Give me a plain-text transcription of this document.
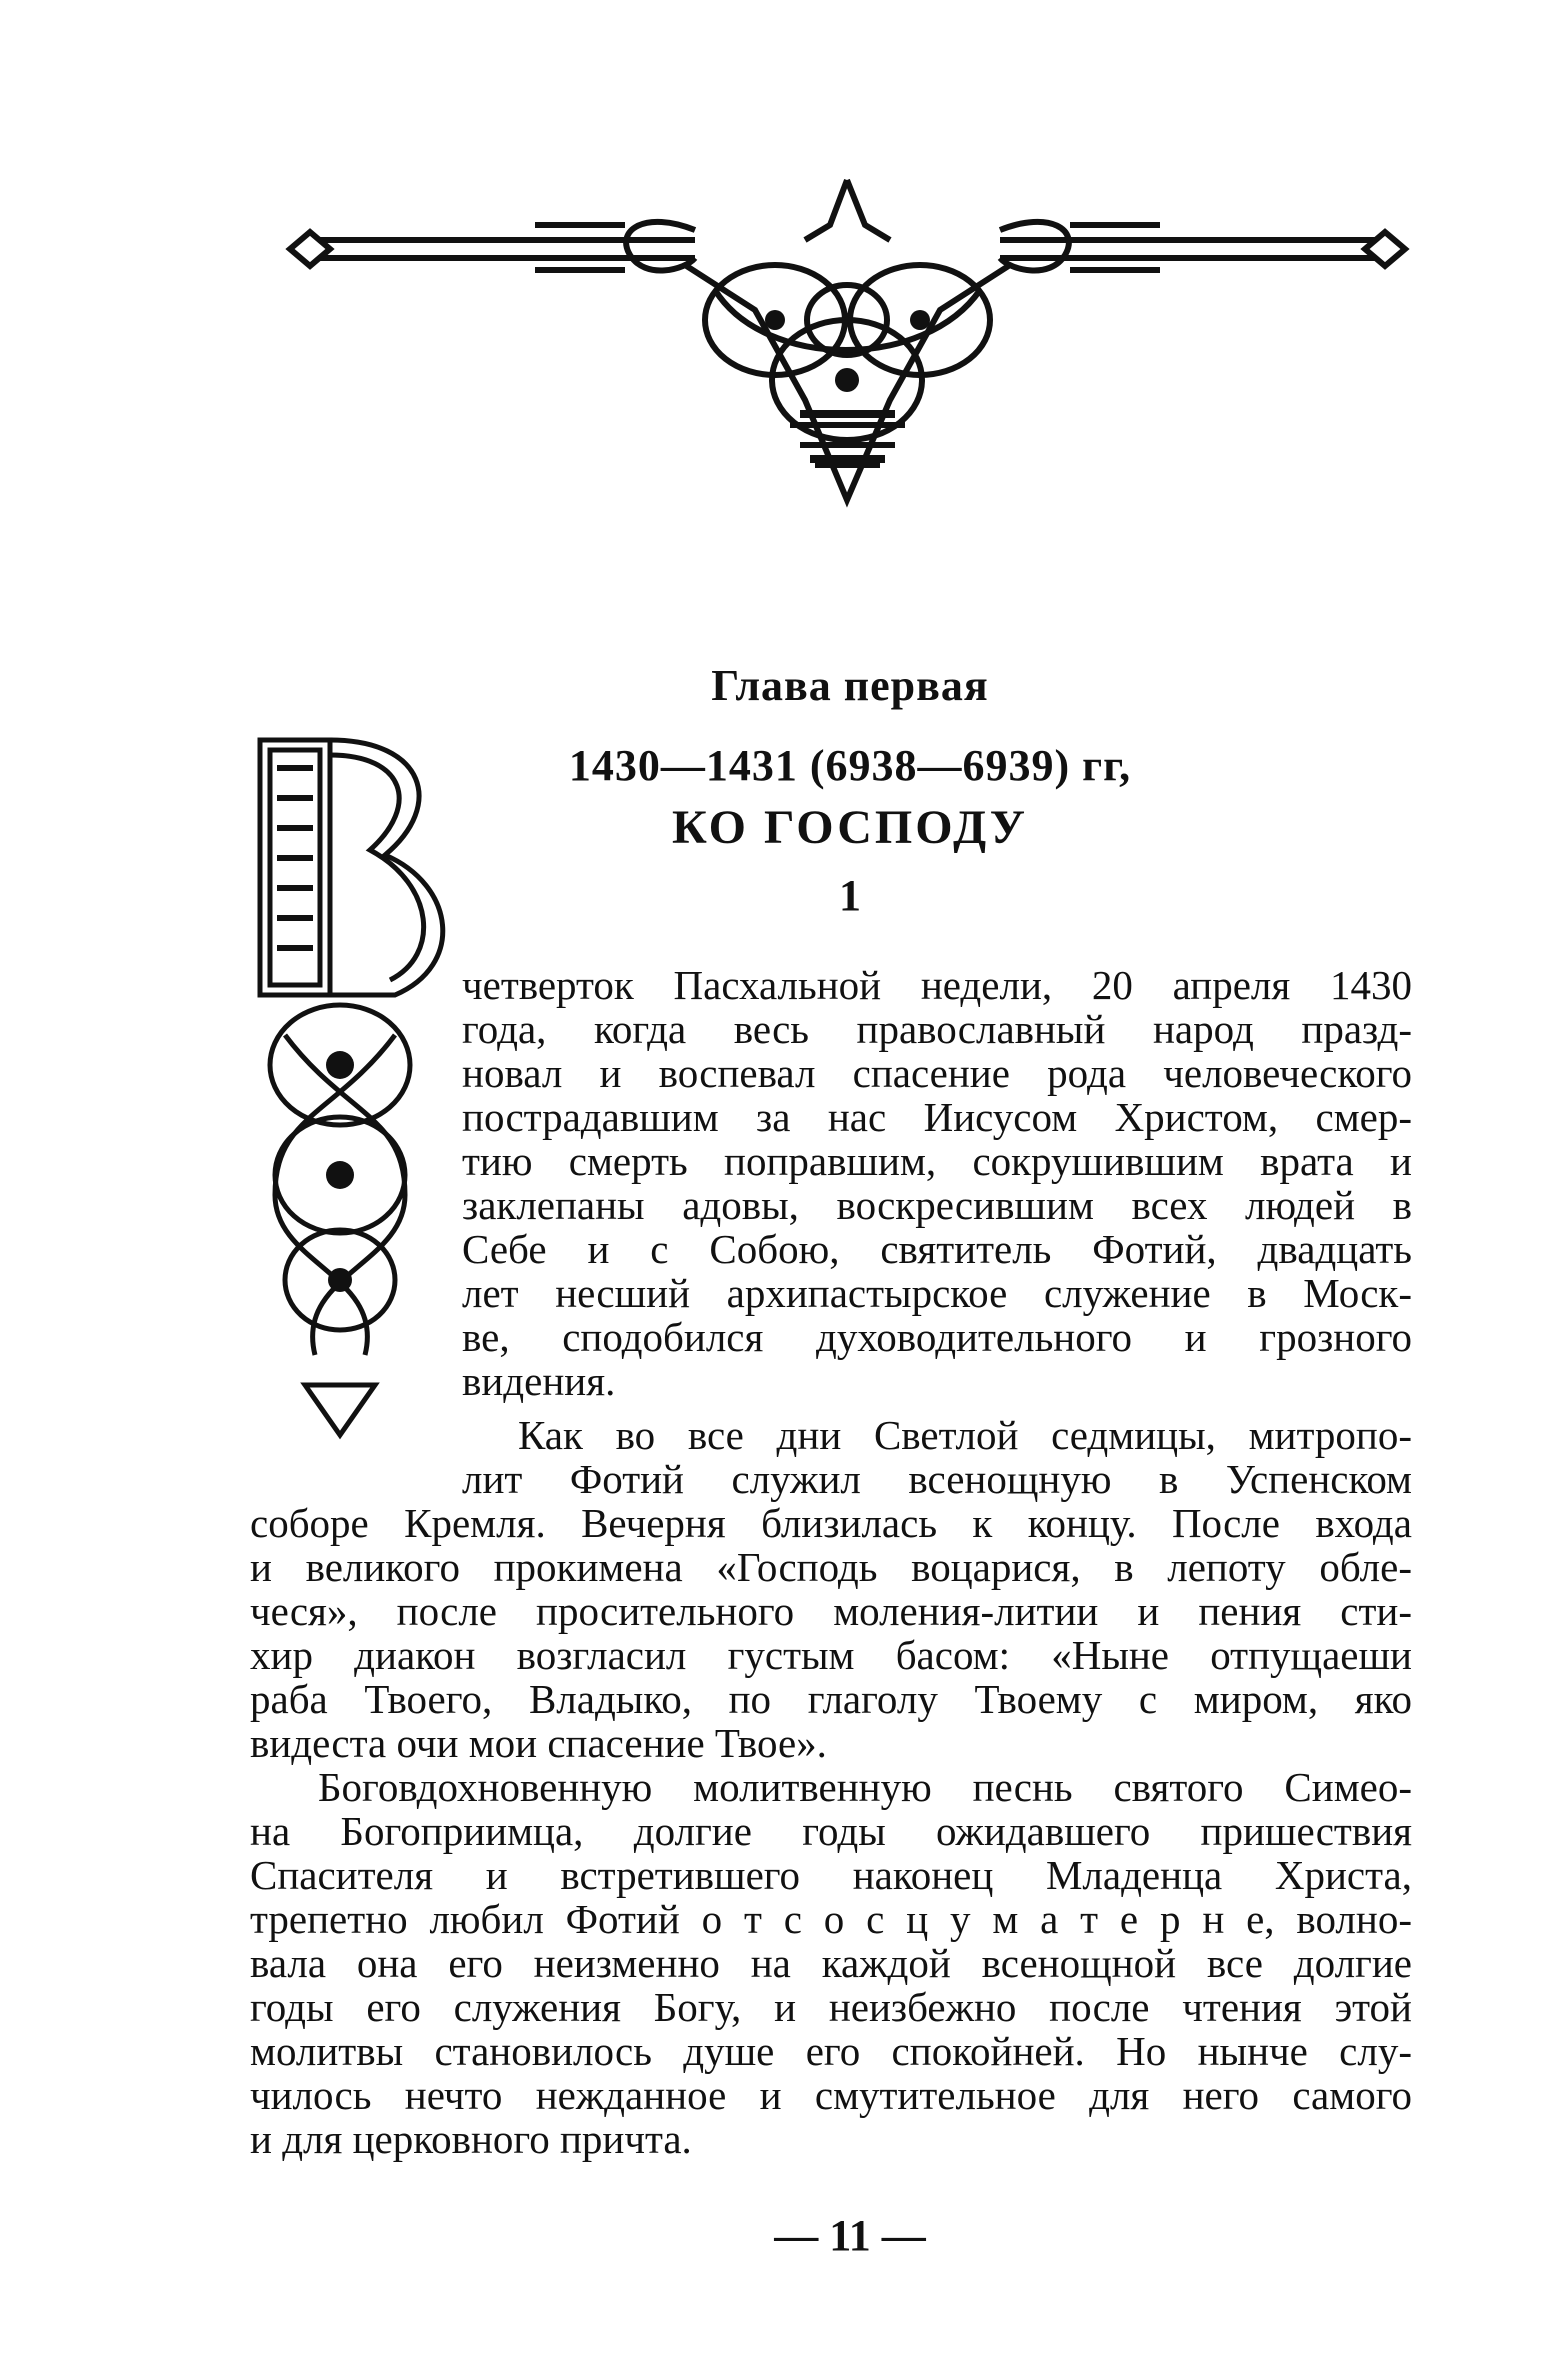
Глава первая
1430—1431 (6938—6939) гг,
КО ГОСПОДУ
1
четверток Пасхальной недели, 20 апреля 1430
года, когда весь православный народ празд-
новал и воспевал спасение рода человеческого
пострадавшим за нас Иисусом Христом, смер-
тию смерть поправшим, сокрушившим врата и
заклепаны адовы, воскресившим всех людей в
Себе и с Собою, святитель Фотий, двадцать
лет несший архипастырское служение в Моск-
ве, сподобился духоводительного и грозного
видения.
Как во все дни Светлой седмицы, митропо-
лит Фотий служил всенощную в Успенском
соборе Кремля. Вечерня близилась к концу. После входа
и великого прокимена «Господь воцарися, в лепоту обле-
чеся», после просительного моления-литии и пения сти-
хир диакон возгласил густым басом: «Ныне отпущаеши
раба Твоего, Владыко, по глаголу Твоему с миром, яко
видеста очи мои спасение Твое».
Боговдохновенную молитвенную песнь святого Симео-
на Богоприимца, долгие годы ожидавшего пришествия
Спасителя и встретившего наконец Младенца Христа,
трепетно любил Фотий о т с о с ц у м а т е р н е, волно-
вала она его неизменно на каждой всенощной все долгие
годы его служения Богу, и неизбежно после чтения этой
молитвы становилось душе его спокойней. Но нынче слу-
чилось нечто нежданное и смутительное для него самого
и для церковного причта.
— 11 —
